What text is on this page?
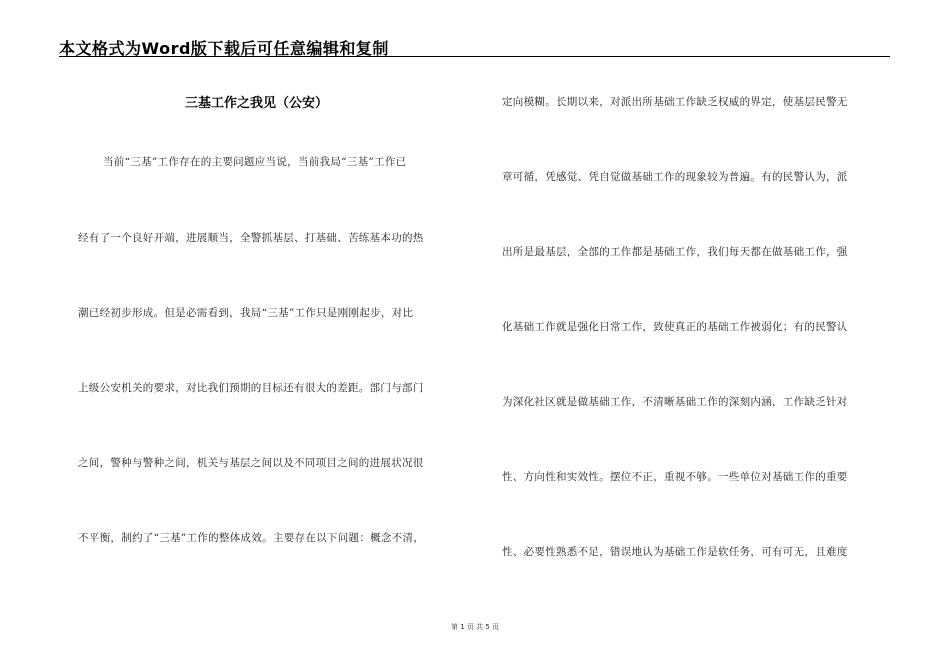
本文格式为Word版下载后可任意编辑和复制
三基工作之我见（公安）
当前“三基”工作存在的主要问题应当说，当前我局“三基”工作已
经有了一个良好开端，进展顺当，全警抓基层、打基础、苦练基本功的热
潮已经初步形成。但是必需看到，我局“三基”工作只是刚刚起步，对比
上级公安机关的要求，对比我们预期的目标还有很大的差距。部门与部门
之间，警种与警种之间，机关与基层之间以及不同项目之间的进展状况很
不平衡，制约了“三基”工作的整体成效。主要存在以下问题：概念不清，
定向模糊。长期以来，对派出所基础工作缺乏权威的界定，使基层民警无
章可循，凭感觉、凭自觉做基础工作的现象较为普遍。有的民警认为，派
出所是最基层，全部的工作都是基础工作，我们每天都在做基础工作，强
化基础工作就是强化日常工作，致使真正的基础工作被弱化；有的民警认
为深化社区就是做基础工作，不清晰基础工作的深刻内涵，工作缺乏针对
性、方向性和实效性。摆位不正，重视不够。一些单位对基础工作的重要
性、必要性熟悉不足，错误地认为基础工作是软任务，可有可无，且难度
第 1 页 共 5 页
